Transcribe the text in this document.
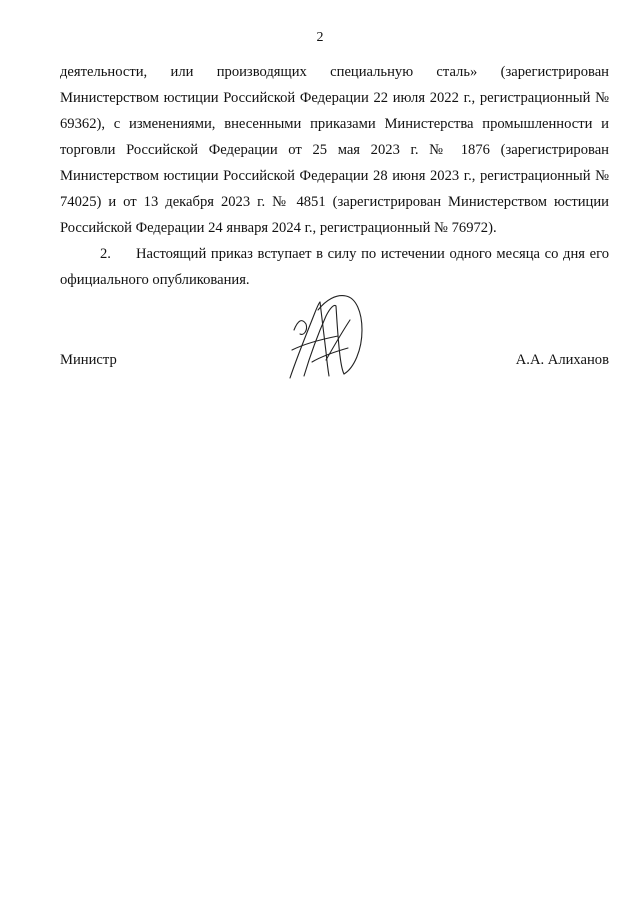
2

деятельности, или производящих специальную сталь» (зарегистрирован Министерством юстиции Российской Федерации 22 июля 2022 г., регистрационный № 69362), с изменениями, внесенными приказами Министерства промышленности и торговли Российской Федерации от 25 мая 2023 г. № 1876 (зарегистрирован Министерством юстиции Российской Федерации 28 июня 2023 г., регистрационный № 74025) и от 13 декабря 2023 г. № 4851 (зарегистрирован Министерством юстиции Российской Федерации 24 января 2024 г., регистрационный № 76972).

2. Настоящий приказ вступает в силу по истечении одного месяца со дня его официального опубликования.

Министр	А.А. Алиханов
